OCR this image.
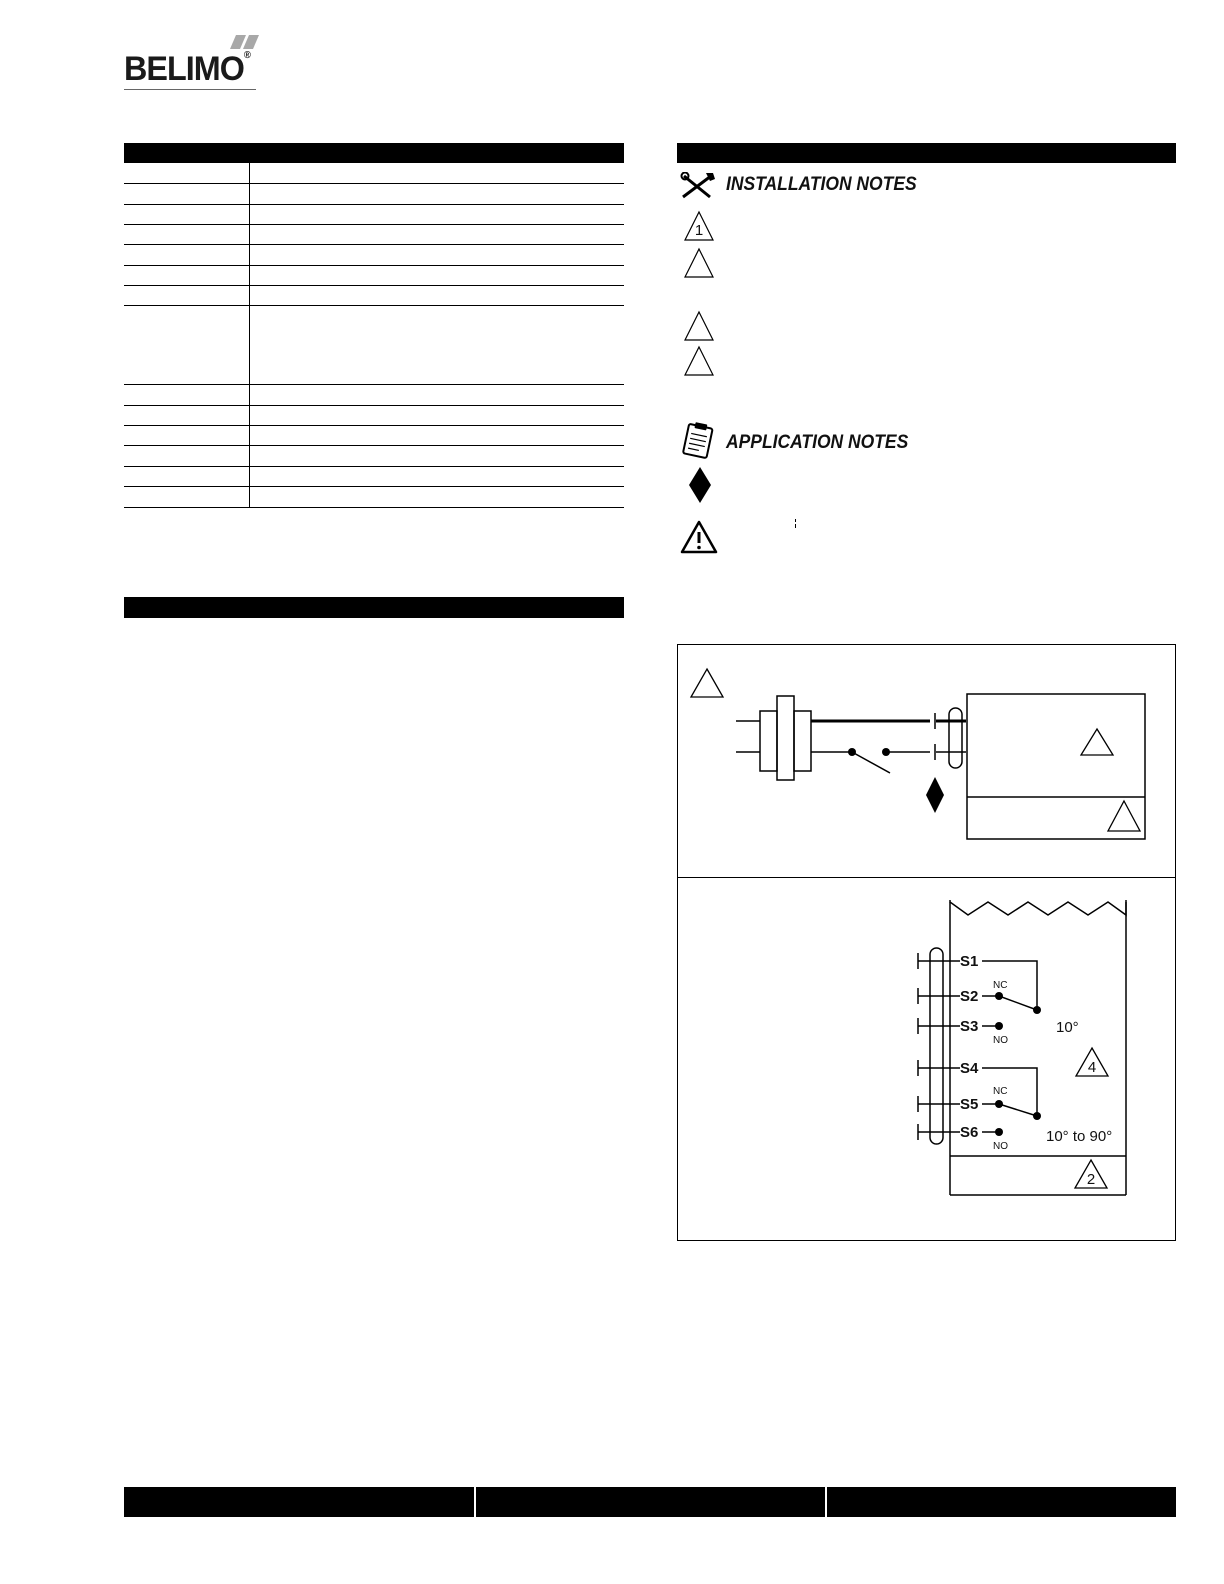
BELIMO®
INSTALLATION NOTES
1
APPLICATION NOTES
S1
S2
NC
S3
NO
10°
S4
S5
NC
S6
NO
10° to 90°
4
2
